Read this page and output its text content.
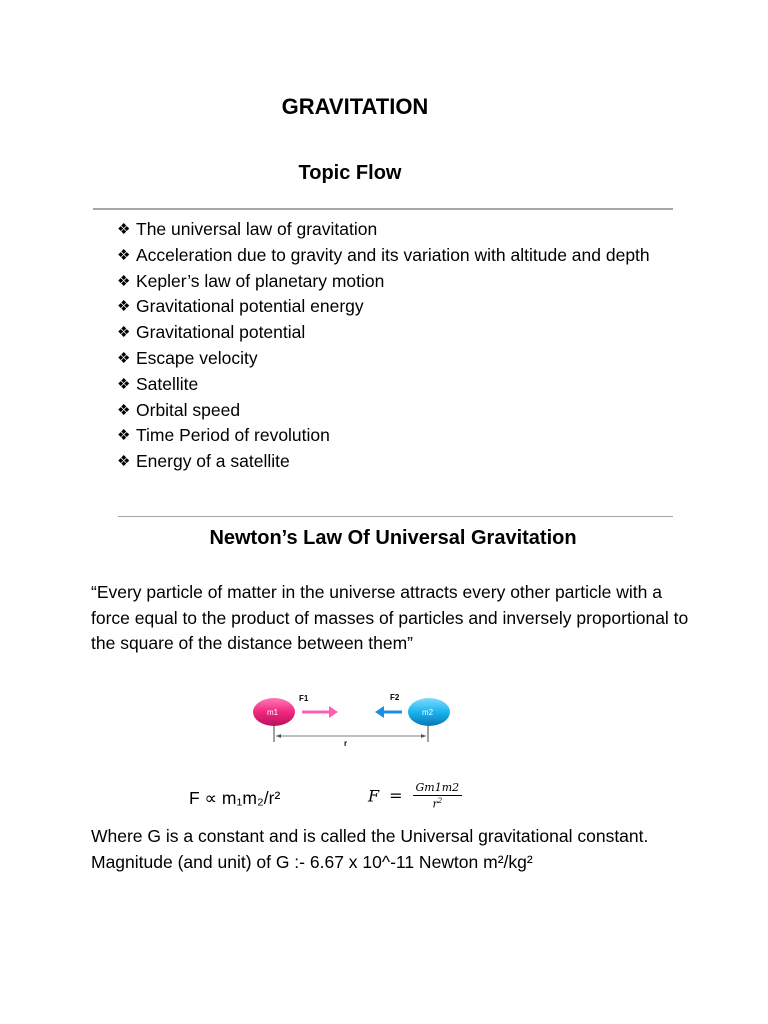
GRAVITATION
Topic Flow
❖ The universal law of gravitation
❖ Acceleration due to gravity and its variation with altitude and depth
❖ Kepler’s law of planetary motion
❖ Gravitational potential energy
❖ Gravitational potential
❖ Escape velocity
❖ Satellite
❖ Orbital speed
❖ Time Period of revolution
❖ Energy of a satellite
Newton’s Law Of Universal Gravitation

“Every particle of matter in the universe attracts every other particle with a force equal to the product of masses of particles and inversely proportional to the square of the distance between them”

r
m1	m2
F1	F2
F ∝ m₁m₂/r²	$F = \frac{Gm1m2}{r^2}$
Where G is a constant and is called the Universal gravitational constant.
Magnitude (and unit) of G :- 6.67 x 10^-11 Newton m²/kg²
